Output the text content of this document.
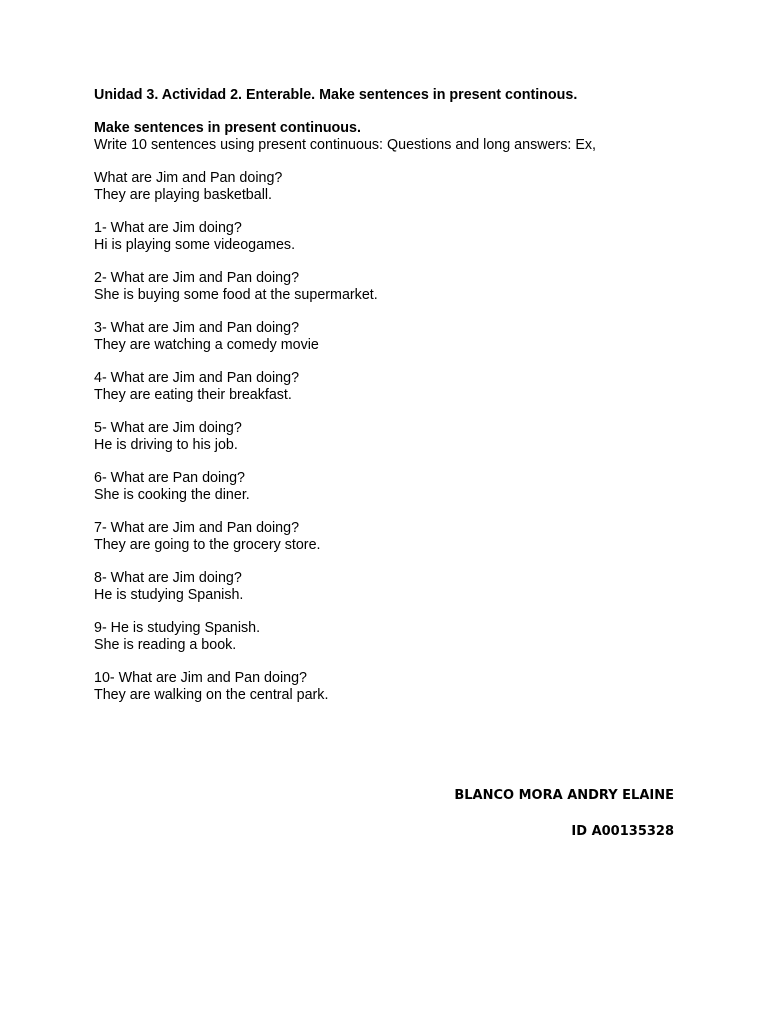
Unidad 3. Actividad 2. Enterable. Make sentences in present continous.
Make sentences in present continuous.
Write 10 sentences using present continuous: Questions and long answers: Ex,
What are Jim and Pan doing?
They are playing basketball.
1- What are Jim doing?
Hi is playing some videogames.
2- What are Jim and Pan doing?
She is buying some food at the supermarket.
3- What are Jim and Pan doing?
They are watching a comedy movie
4- What are Jim and Pan doing?
They are eating their breakfast.
5- What are Jim doing?
He is driving to his job.
6- What are Pan doing?
She is cooking the diner.
7- What are Jim and Pan doing?
They are going to the grocery store.
8- What are Jim doing?
He is studying Spanish.
9- He is studying Spanish.
She is reading a book.
10- What are Jim and Pan doing?
They are walking on the central park.
BLANCO MORA ANDRY ELAINE
ID A00135328
